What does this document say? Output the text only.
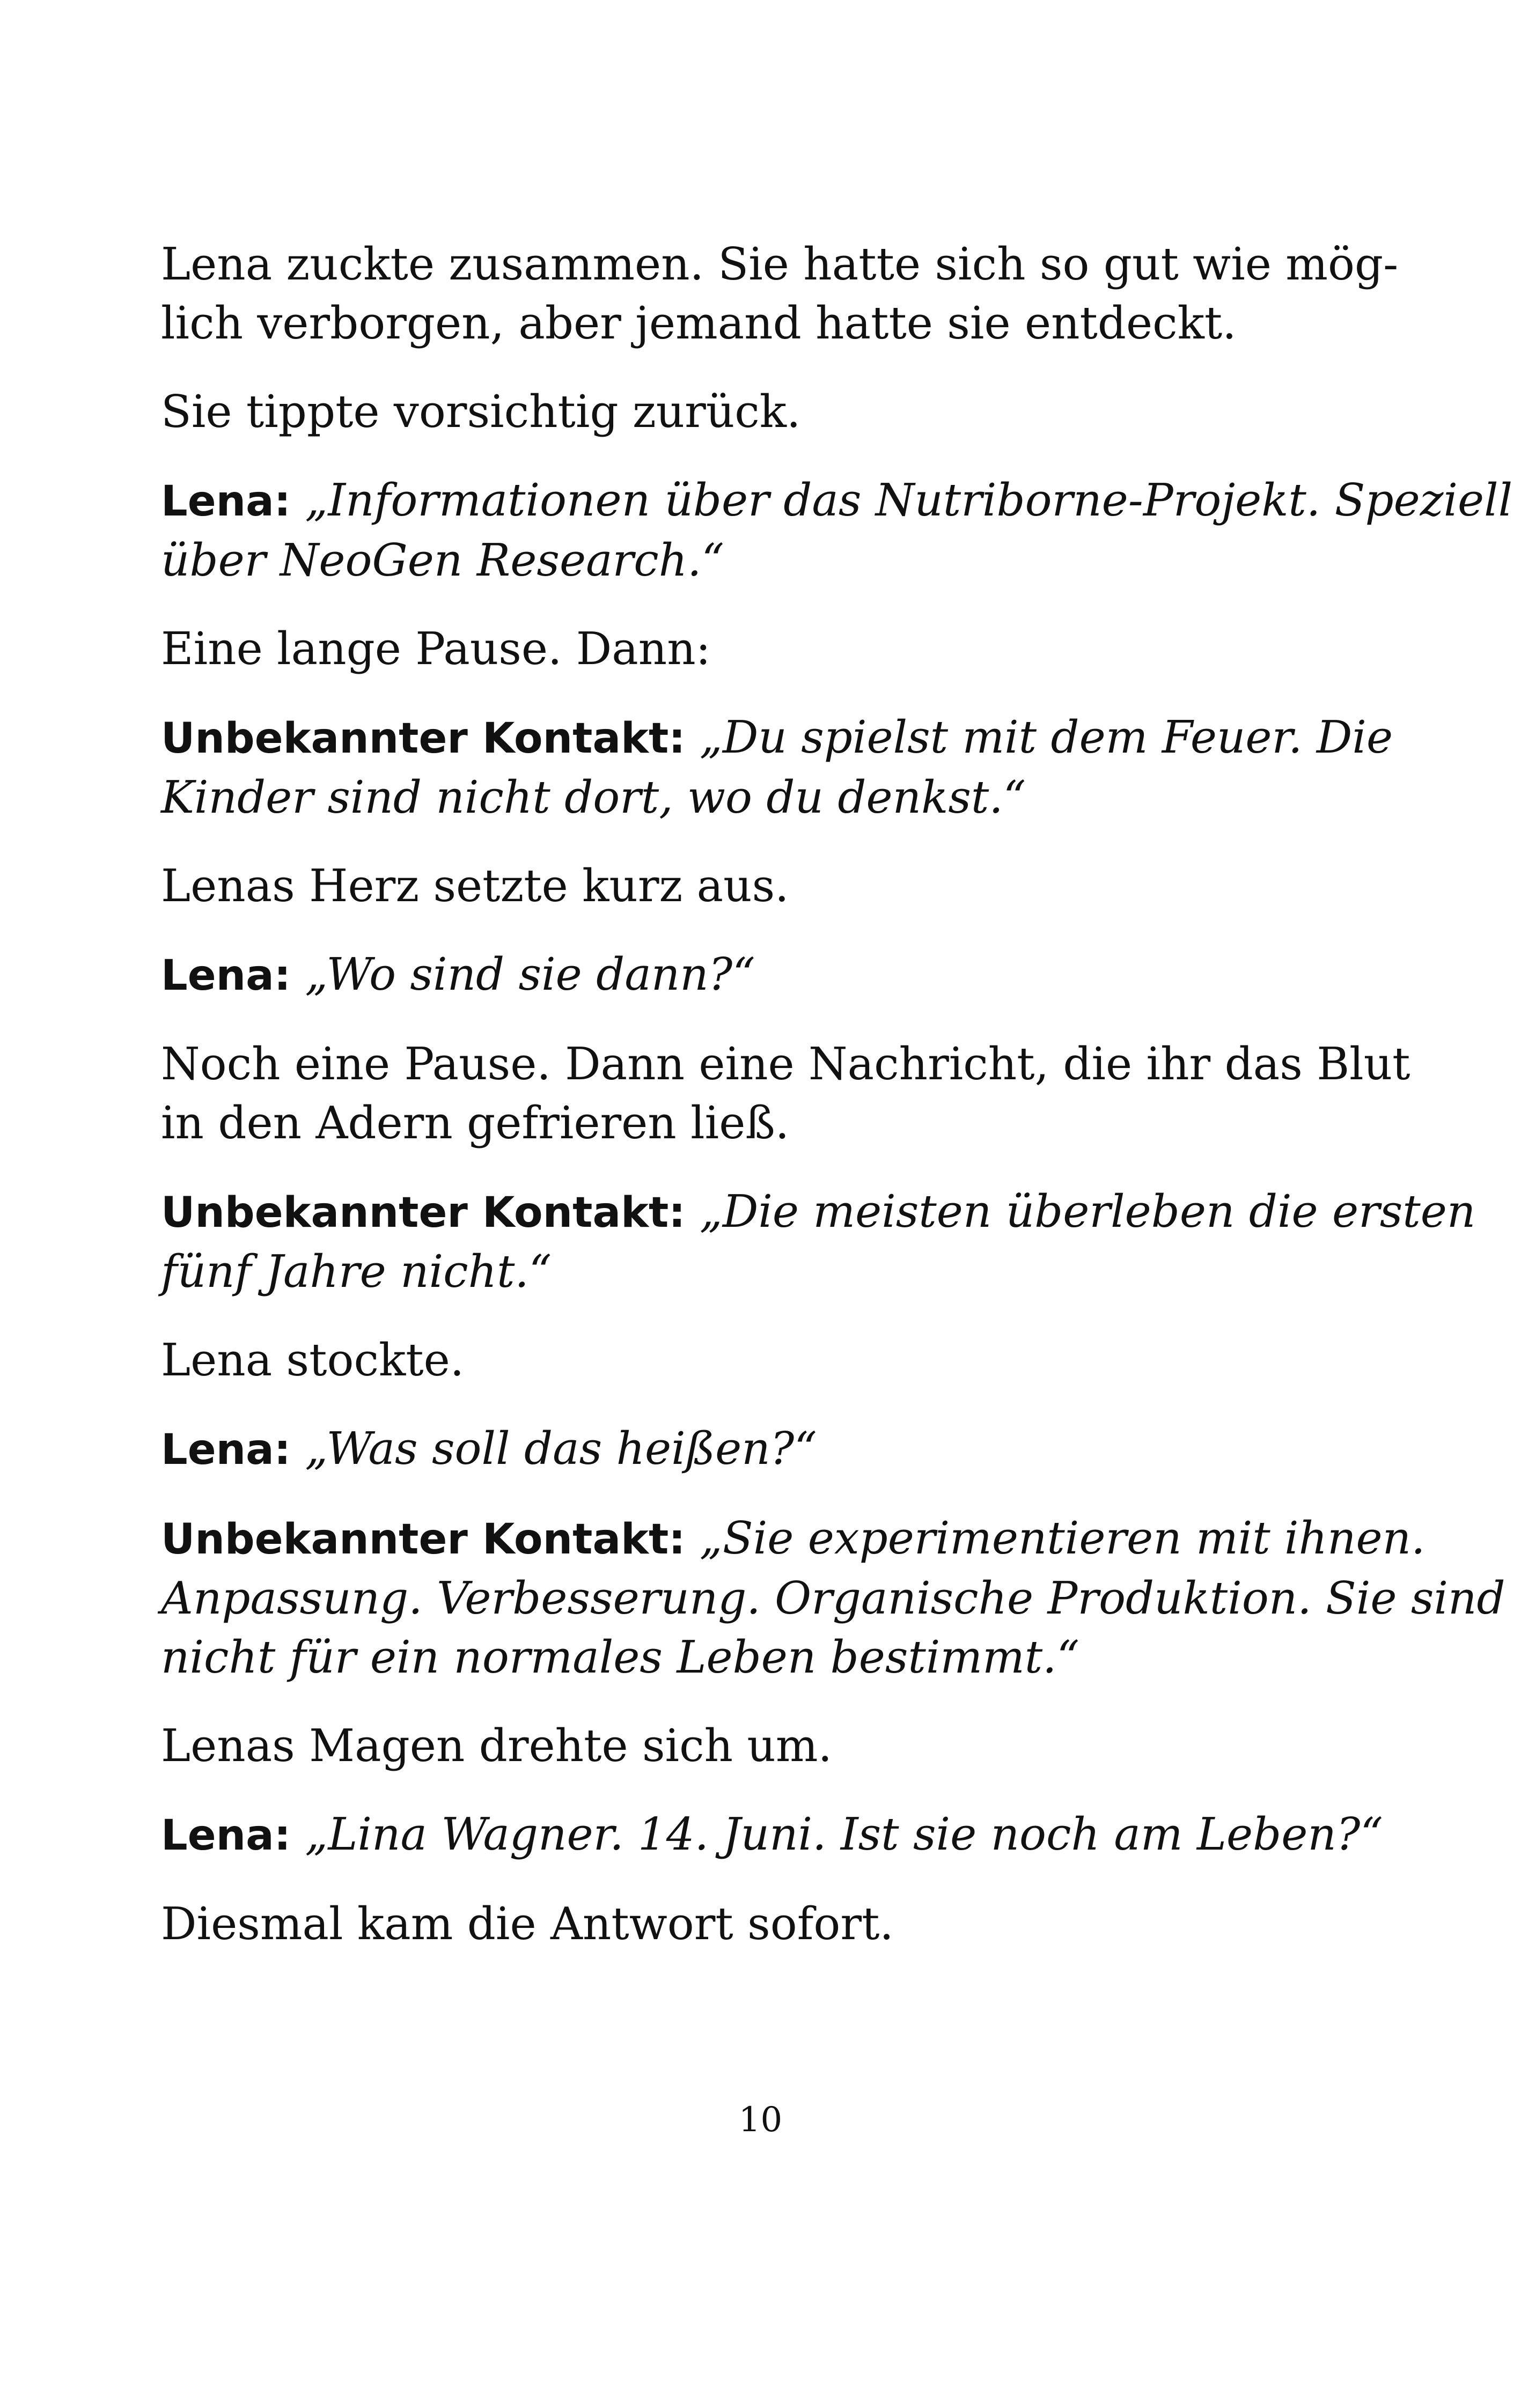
Lena zuckte zusammen. Sie hatte sich so gut wie mög-
lich verborgen, aber jemand hatte sie entdeckt.

Sie tippte vorsichtig zurück.

Lena: „Informationen über das Nutriborne-Projekt. Speziell
über NeoGen Research.“

Eine lange Pause. Dann:

Unbekannter Kontakt: „Du spielst mit dem Feuer. Die
Kinder sind nicht dort, wo du denkst.“

Lenas Herz setzte kurz aus.

Lena: „Wo sind sie dann?“

Noch eine Pause. Dann eine Nachricht, die ihr das Blut
in den Adern gefrieren ließ.

Unbekannter Kontakt: „Die meisten überleben die ersten
fünf Jahre nicht.“

Lena stockte.

Lena: „Was soll das heißen?“

Unbekannter Kontakt: „Sie experimentieren mit ihnen.
Anpassung. Verbesserung. Organische Produktion. Sie sind
nicht für ein normales Leben bestimmt.“

Lenas Magen drehte sich um.

Lena: „Lina Wagner. 14. Juni. Ist sie noch am Leben?“

Diesmal kam die Antwort sofort.

10
